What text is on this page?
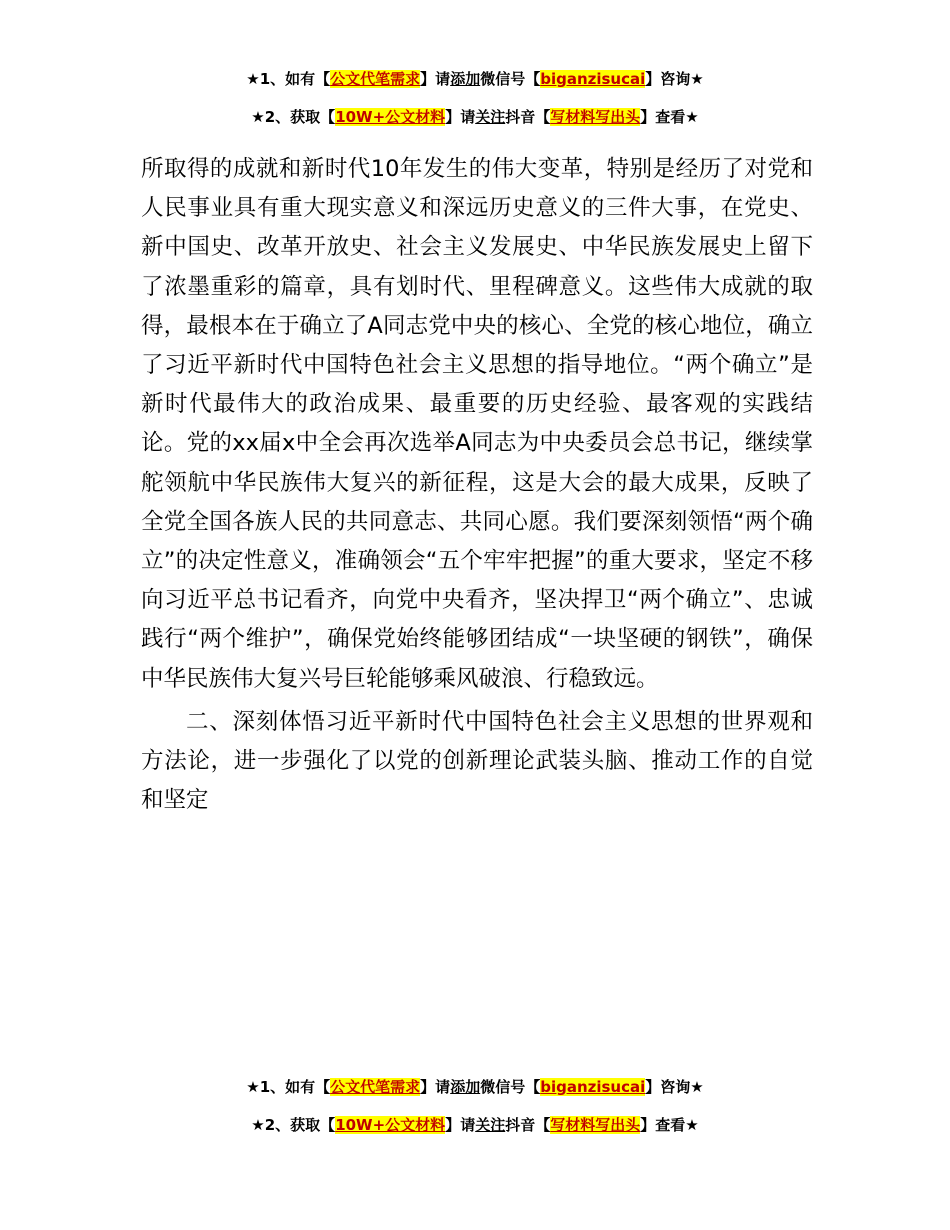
★1、如有【公文代笔需求】请添加微信号【biganzisucai】咨询★
★2、获取【10W+公文材料】请关注抖音【写材料写出头】查看★

所取得的成就和新时代10年发生的伟大变革，特别是经历了对党和人民事业具有重大现实意义和深远历史意义的三件大事，在党史、新中国史、改革开放史、社会主义发展史、中华民族发展史上留下了浓墨重彩的篇章，具有划时代、里程碑意义。这些伟大成就的取得，最根本在于确立了A同志党中央的核心、全党的核心地位，确立了习近平新时代中国特色社会主义思想的指导地位。“两个确立”是新时代最伟大的政治成果、最重要的历史经验、最客观的实践结论。党的xx届x中全会再次选举A同志为中央委员会总书记，继续掌舵领航中华民族伟大复兴的新征程，这是大会的最大成果，反映了全党全国各族人民的共同意志、共同心愿。我们要深刻领悟“两个确立”的决定性意义，准确领会“五个牢牢把握”的重大要求，坚定不移向习近平总书记看齐，向党中央看齐，坚决捍卫“两个确立”、忠诚践行“两个维护”，确保党始终能够团结成“一块坚硬的钢铁”，确保中华民族伟大复兴号巨轮能够乘风破浪、行稳致远。

二、深刻体悟习近平新时代中国特色社会主义思想的世界观和方法论，进一步强化了以党的创新理论武装头脑、推动工作的自觉和坚定

★1、如有【公文代笔需求】请添加微信号【biganzisucai】咨询★
★2、获取【10W+公文材料】请关注抖音【写材料写出头】查看★
